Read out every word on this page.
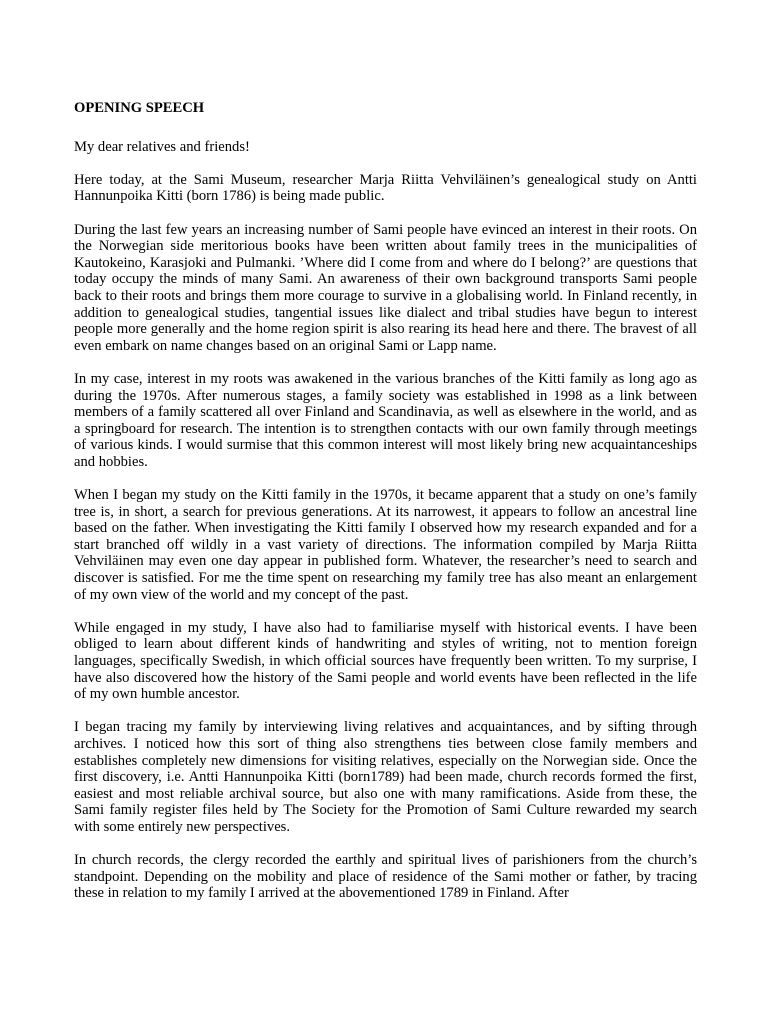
OPENING SPEECH

My dear relatives and friends!

Here today, at the Sami Museum, researcher Marja Riitta Vehviläinen’s genealogical study on Antti Hannunpoika Kitti (born 1786) is being made public.

During the last few years an increasing number of Sami people have evinced an interest in their roots. On the Norwegian side meritorious books have been written about family trees in the municipalities of Kautokeino, Karasjoki and Pulmanki. ’Where did I come from and where do I belong?’ are questions that today occupy the minds of many Sami. An awareness of their own background transports Sami people back to their roots and brings them more courage to survive in a globalising world. In Finland recently, in addition to genealogical studies, tangential issues like dialect and tribal studies have begun to interest people more generally and the home region spirit is also rearing its head here and there. The bravest of all even embark on name changes based on an original Sami or Lapp name.

In my case, interest in my roots was awakened in the various branches of the Kitti family as long ago as during the 1970s. After numerous stages, a family society was established in 1998 as a link between members of a family scattered all over Finland and Scandinavia, as well as elsewhere in the world, and as a springboard for research. The intention is to strengthen contacts with our own family through meetings of various kinds. I would surmise that this common interest will most likely bring new acquaintanceships and hobbies.

When I began my study on the Kitti family in the 1970s, it became apparent that a study on one’s family tree is, in short, a search for previous generations. At its narrowest, it appears to follow an ancestral line based on the father. When investigating the Kitti family I observed how my research expanded and for a start branched off wildly in a vast variety of directions. The information compiled by Marja Riitta Vehviläinen may even one day appear in published form. Whatever, the researcher’s need to search and discover is satisfied. For me the time spent on researching my family tree has also meant an enlargement of my own view of the world and my concept of the past.

While engaged in my study, I have also had to familiarise myself with historical events. I have been obliged to learn about different kinds of handwriting and styles of writing, not to mention foreign languages, specifically Swedish, in which official sources have frequently been written. To my surprise, I have also discovered how the history of the Sami people and world events have been reflected in the life of my own humble ancestor.

I began tracing my family by interviewing living relatives and acquaintances, and by sifting through archives. I noticed how this sort of thing also strengthens ties between close family members and establishes completely new dimensions for visiting relatives, especially on the Norwegian side. Once the first discovery, i.e. Antti Hannunpoika Kitti (born1789) had been made, church records formed the first, easiest and most reliable archival source, but also one with many ramifications. Aside from these, the Sami family register files held by The Society for the Promotion of Sami Culture rewarded my search with some entirely new perspectives.

In church records, the clergy recorded the earthly and spiritual lives of parishioners from the church’s standpoint. Depending on the mobility and place of residence of the Sami mother or father, by tracing these in relation to my family I arrived at the abovementioned 1789 in Finland. After
